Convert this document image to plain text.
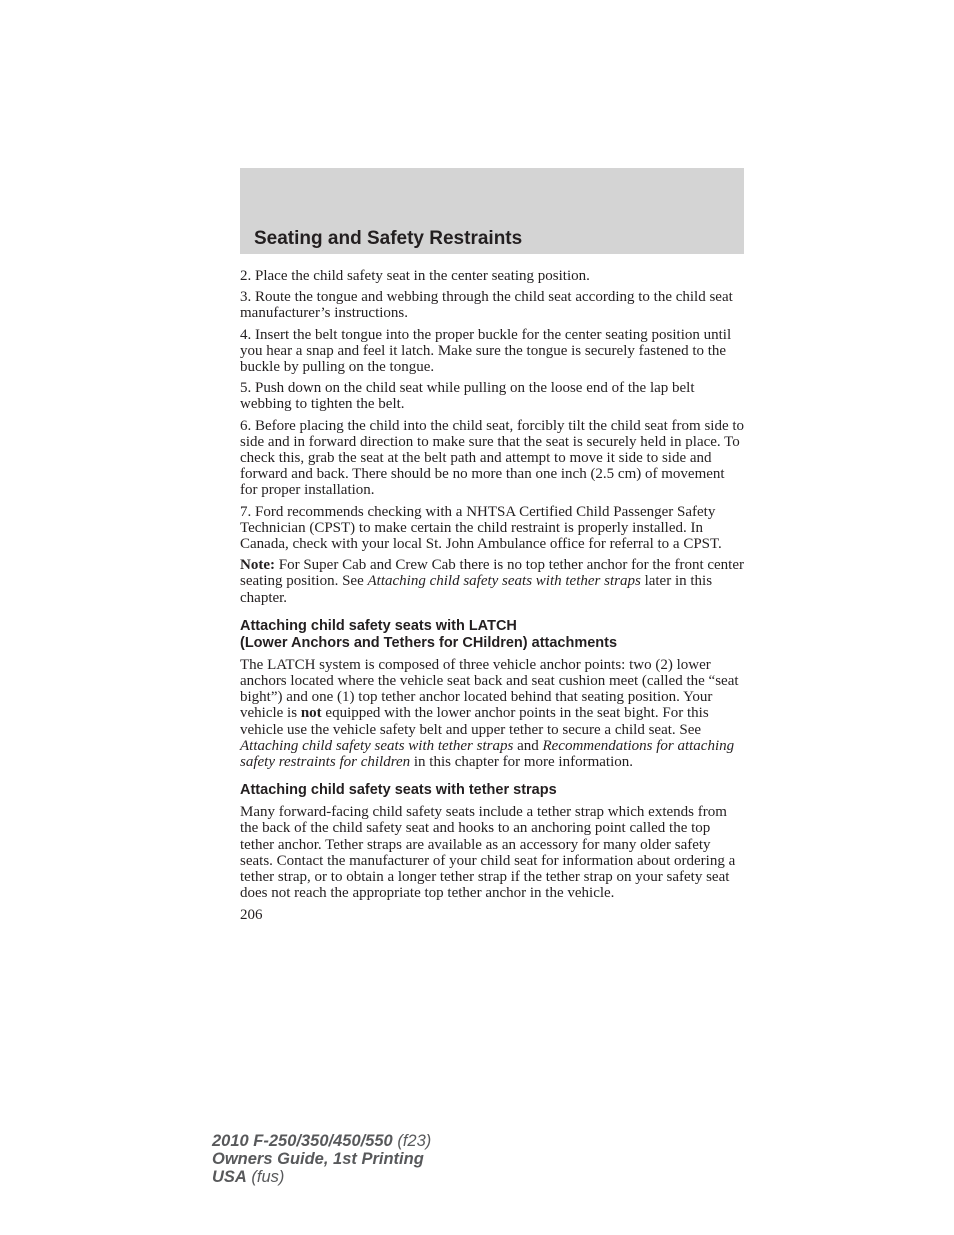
Seating and Safety Restraints

2. Place the child safety seat in the center seating position.

3. Route the tongue and webbing through the child seat according to the child seat manufacturer’s instructions.

4. Insert the belt tongue into the proper buckle for the center seating position until you hear a snap and feel it latch. Make sure the tongue is securely fastened to the buckle by pulling on the tongue.

5. Push down on the child seat while pulling on the loose end of the lap belt webbing to tighten the belt.

6. Before placing the child into the child seat, forcibly tilt the child seat from side to side and in forward direction to make sure that the seat is securely held in place. To check this, grab the seat at the belt path and attempt to move it side to side and forward and back. There should be no more than one inch (2.5 cm) of movement for proper installation.

7. Ford recommends checking with a NHTSA Certified Child Passenger Safety Technician (CPST) to make certain the child restraint is properly installed. In Canada, check with your local St. John Ambulance office for referral to a CPST.

Note: For Super Cab and Crew Cab there is no top tether anchor for the front center seating position. See Attaching child safety seats with tether straps later in this chapter.

Attaching child safety seats with LATCH
(Lower Anchors and Tethers for CHildren) attachments

The LATCH system is composed of three vehicle anchor points: two (2) lower anchors located where the vehicle seat back and seat cushion meet (called the “seat bight”) and one (1) top tether anchor located behind that seating position. Your vehicle is not equipped with the lower anchor points in the seat bight. For this vehicle use the vehicle safety belt and upper tether to secure a child seat. See Attaching child safety seats with tether straps and Recommendations for attaching safety restraints for children in this chapter for more information.

Attaching child safety seats with tether straps

Many forward-facing child safety seats include a tether strap which extends from the back of the child safety seat and hooks to an anchoring point called the top tether anchor. Tether straps are available as an accessory for many older safety seats. Contact the manufacturer of your child seat for information about ordering a tether strap, or to obtain a longer tether strap if the tether strap on your safety seat does not reach the appropriate top tether anchor in the vehicle.

206
2010 F-250/350/450/550 (f23)
Owners Guide, 1st Printing
USA (fus)
